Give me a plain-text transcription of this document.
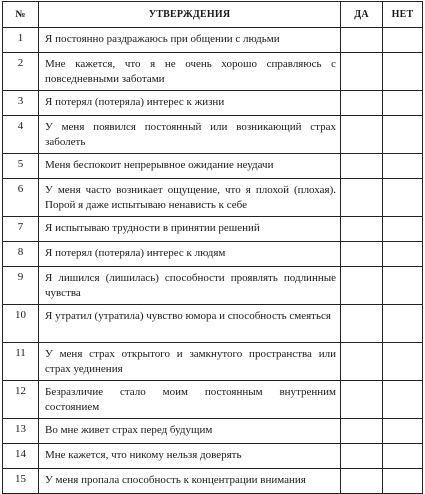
№	УТВЕРЖДЕНИЯ	ДА	НЕТ
1	Я постоянно раздражаюсь при общении с людьми		
2	Мне кажется, что я не очень хорошо справляюсь с повседневными заботами		
3	Я потерял (потеряла) интерес к жизни		
4	У меня появился постоянный или возникающий страх заболеть		
5	Меня беспокоит непрерывное ожидание неудачи		
6	У меня часто возникает ощущение, что я плохой (плохая). Порой я даже испытываю ненависть к себе		
7	Я испытываю трудности в принятии решений		
8	Я потерял (потеряла) интерес к людям		
9	Я лишился (лишилась) способности проявлять подлинные чувства		
10	Я утратил (утратила) чувство юмора и способность смеяться		
11	У меня страх открытого и замкнутого пространства или страх уединения		
12	Безразличие стало моим постоянным внутренним состоянием		
13	Во мне живет страх перед будущим		
14	Мне кажется, что никому нельзя доверять		
15	У меня пропала способность к концентрации внимания		
